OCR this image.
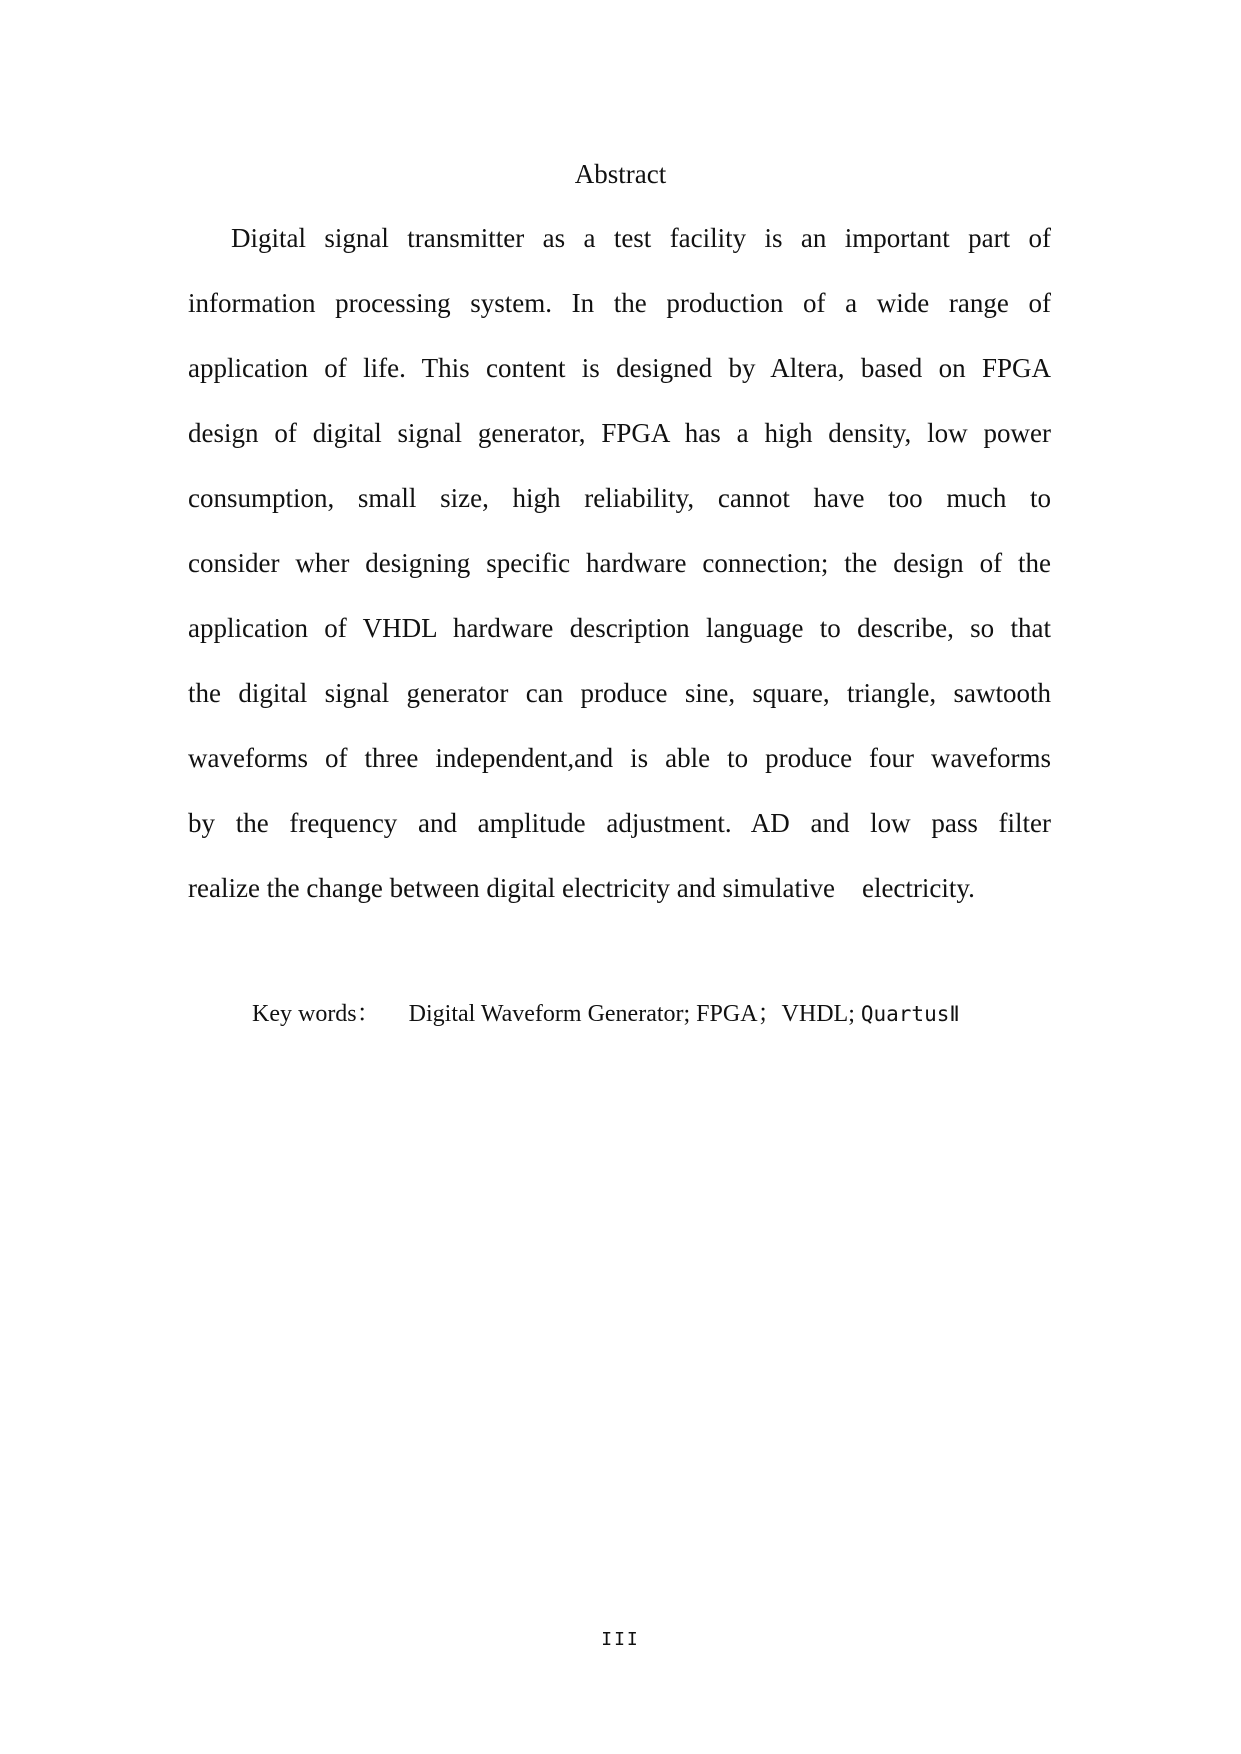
Abstract
Digital signal transmitter as a test facility is an important part of
information processing system. In the production of a wide range of
application of life. This content is designed by Altera, based on FPGA
design of digital signal generator, FPGA has a high density, low power
consumption, small size, high reliability, cannot have too much to
consider wher designing specific hardware connection; the design of the
application of VHDL hardware description language to describe, so that
the digital signal generator can produce sine, square, triangle, sawtooth
waveforms of three independent,and is able to produce four waveforms
by the frequency and amplitude adjustment. AD and low pass filter
realize the change between digital electricity and simulative    electricity.
Key words： Digital Waveform Generator; FPGA；VHDL; QuartusⅡ
III
